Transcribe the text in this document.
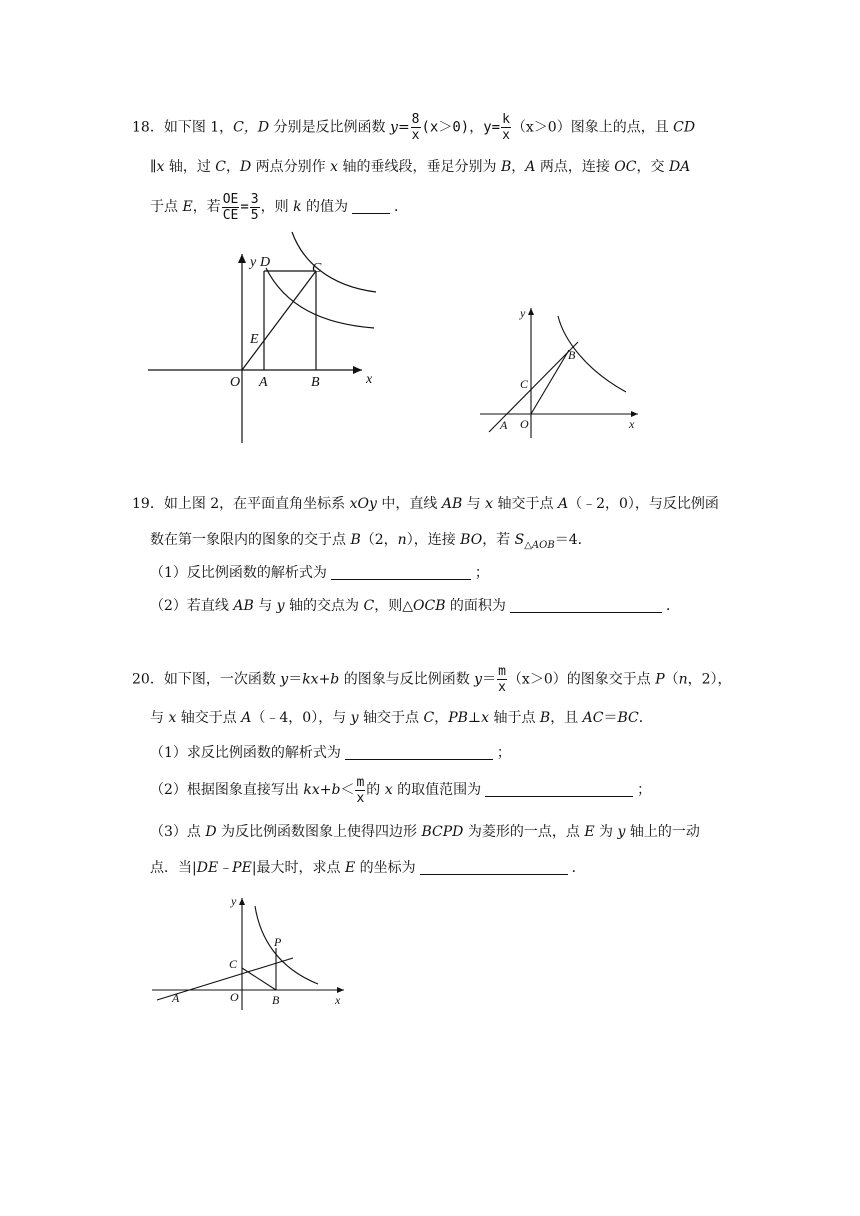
18．如下图 1，C，D 分别是反比例函数 $y= \frac{8}{x} (x>0)$，$y= \frac{k}{x} (x>0)$图象上的点，且 CD
∥x 轴，过 C，D 两点分别作 x 轴的垂线段，垂足分别为 B，A 两点，连接 OC，交 DA
于点 E，若 $\frac{OE}{CE} = \frac{3}{5}$ ，则 k 的值为	．
y D	C
E
O A	B	x
y
B
C
A O	x
19．如上图 2，在平面直角坐标系 xOy 中，直线 AB 与 x 轴交于点 A（﹣2，0），与反比例函
数在第一象限内的图象的交于点 B（2，n），连接 BO，若 $S_{\triangle AOB}=4$．
（1）反比例函数的解析式为	；
（2）若直线 AB 与 y 轴的交点为 C，则△OCB 的面积为	．
20．如下图，一次函数 y＝kx+b 的图象与反比例函数 $y= \frac{m}{x} (x>0)$的图象交于点 P（n，2），
与 x 轴交于点 A（﹣4，0），与 y 轴交于点 C，PB⊥x 轴于点 B，且 AC＝BC．
（1）求反比例函数的解析式为	；
（2）根据图象直接写出 $kx+b< \frac{m}{x}$ 的 x 的取值范围为	；
（3）点 D 为反比例函数图象上使得四边形 BCPD 为菱形的一点，点 E 为 y 轴上的一动
点．当|DE﹣PE|最大时，求点 E 的坐标为	．
y
P
C
A	O	B	x
